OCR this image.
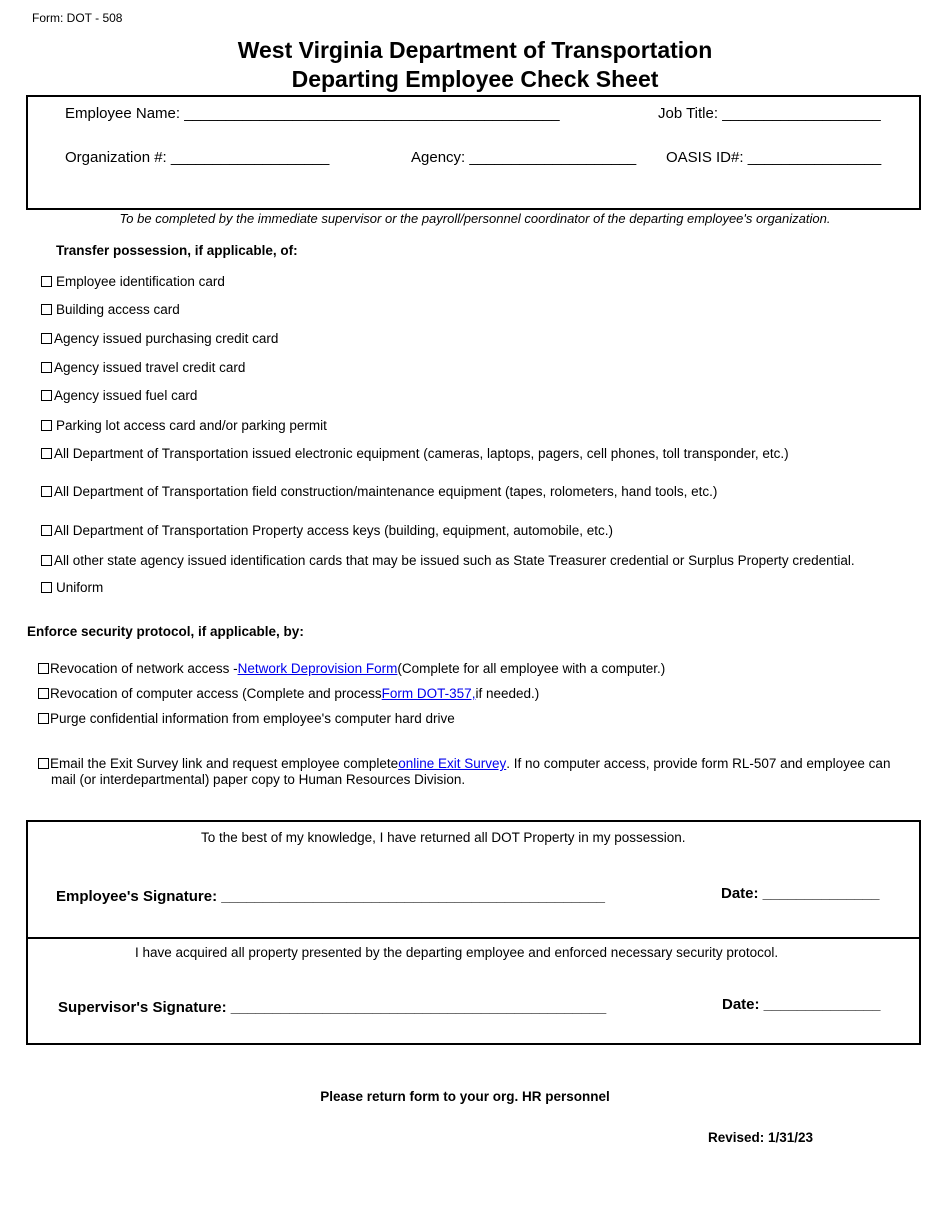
Form: DOT - 508
West Virginia Department of Transportation
Departing Employee Check Sheet
Employee Name: _____________________________________________	Job Title: ___________________
Organization #: ___________________	Agency: ____________________ OASIS ID#: ________________
To be completed by the immediate supervisor or the payroll/personnel coordinator of the departing employee's organization.
Transfer possession, if applicable, of:
Employee identification card
Building access card
Agency issued purchasing credit card
Agency issued travel credit card
Agency issued fuel card
Parking lot access card and/or parking permit
All Department of Transportation issued electronic equipment (cameras, laptops, pagers, cell phones, toll transponder, etc.)
All Department of Transportation field construction/maintenance equipment (tapes, rolometers, hand tools, etc.)
All Department of Transportation Property access keys (building, equipment, automobile, etc.)
All other state agency issued identification cards that may be issued such as State Treasurer credential or Surplus Property credential.
Uniform
Enforce security protocol, if applicable, by:
Revocation of network access - Network Deprovision Form (Complete for all employee with a computer.)
Revocation of computer access (Complete and process Form DOT-357, if needed.)
Purge confidential information from employee's computer hard drive
Email the Exit Survey link and request employee complete online Exit Survey . If no computer access, provide form RL-507 and employee can
mail (or interdepartmental) paper copy to Human Resources Division.
To the best of my knowledge, I have returned all DOT Property in my possession.
Employee's Signature: ______________________________________________	Date: ______________
I have acquired all property presented by the departing employee and enforced necessary security protocol.
Supervisor's Signature: _____________________________________________	Date: ______________
Please return form to your org. HR personnel
Revised: 1/31/23
